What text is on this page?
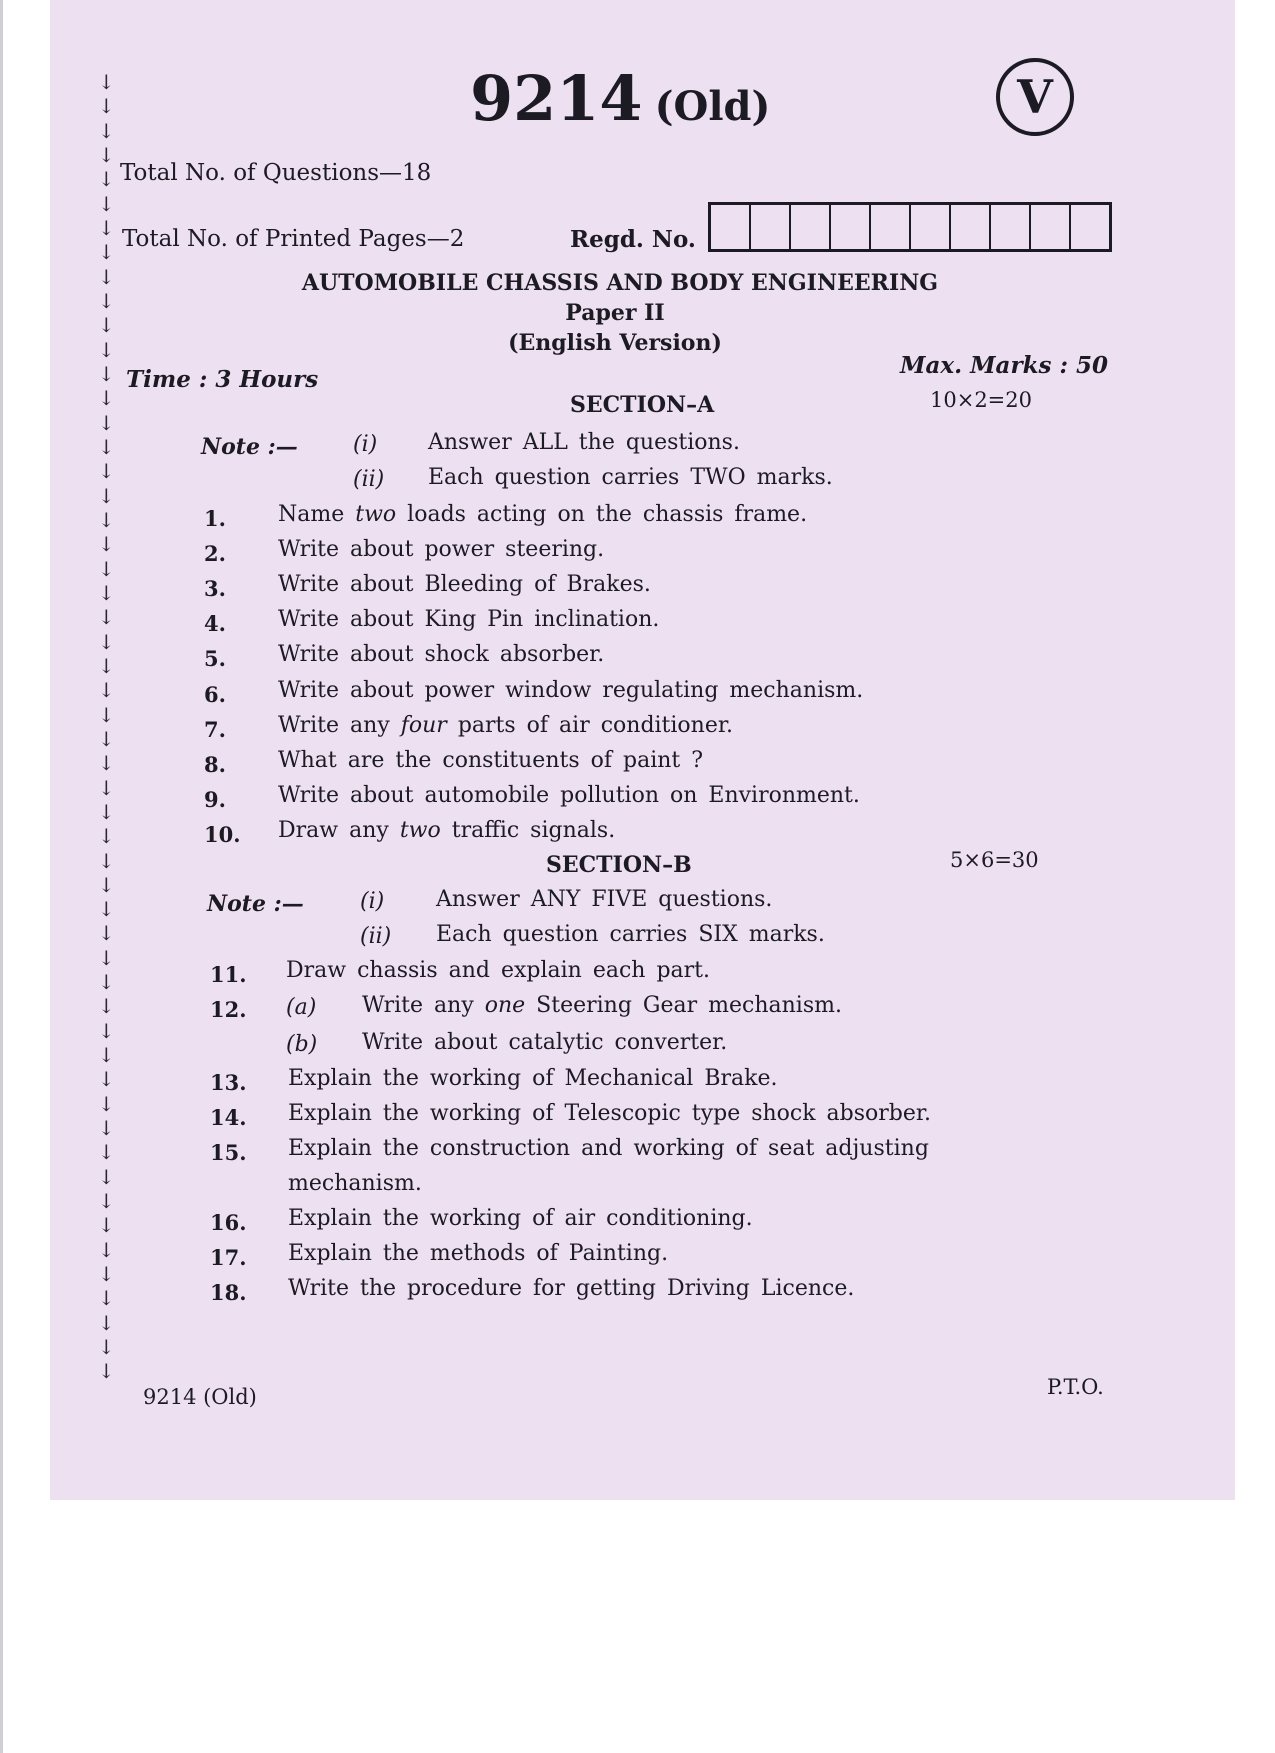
↓
↓
↓
↓
↓
↓
↓
↓
↓
↓
↓
↓
↓
↓
↓
↓
↓
↓
↓
↓
↓
↓
↓
↓
↓
↓
↓
↓
↓
↓
↓
↓
↓
↓
↓
↓
↓
↓
↓
↓
↓
↓
↓
↓
↓
↓
↓
↓
↓
↓
↓
↓
↓
↓
9214 (Old)	V
Total No. of Questions—18
Total No. of Printed Pages—2	Regd. No.
AUTOMOBILE CHASSIS AND BODY ENGINEERING
Paper II
(English Version)
Time : 3 Hours
Max. Marks : 50
SECTION–A	10×2=20
Note :—	(i) Answer ALL the questions.
(ii) Each question carries TWO marks.
1. Name two loads acting on the chassis frame.
2. Write about power steering.
3. Write about Bleeding of Brakes.
4. Write about King Pin inclination.
5. Write about shock absorber.
6. Write about power window regulating mechanism.
7. Write any four parts of air conditioner.
8. What are the constituents of paint ?
9. Write about automobile pollution on Environment.
10. Draw any two traffic signals.
SECTION–B	5×6=30
Note :—	(i) Answer ANY FIVE questions.
(ii) Each question carries SIX marks.
11. Draw chassis and explain each part.
12. (a) Write any one Steering Gear mechanism.
(b) Write about catalytic converter.
13. Explain the working of Mechanical Brake.
14. Explain the working of Telescopic type shock absorber.
15. Explain the construction and working of seat adjusting
mechanism.
16. Explain the working of air conditioning.
17. Explain the methods of Painting.
18. Write the procedure for getting Driving Licence.
9214 (Old)	P.T.O.
